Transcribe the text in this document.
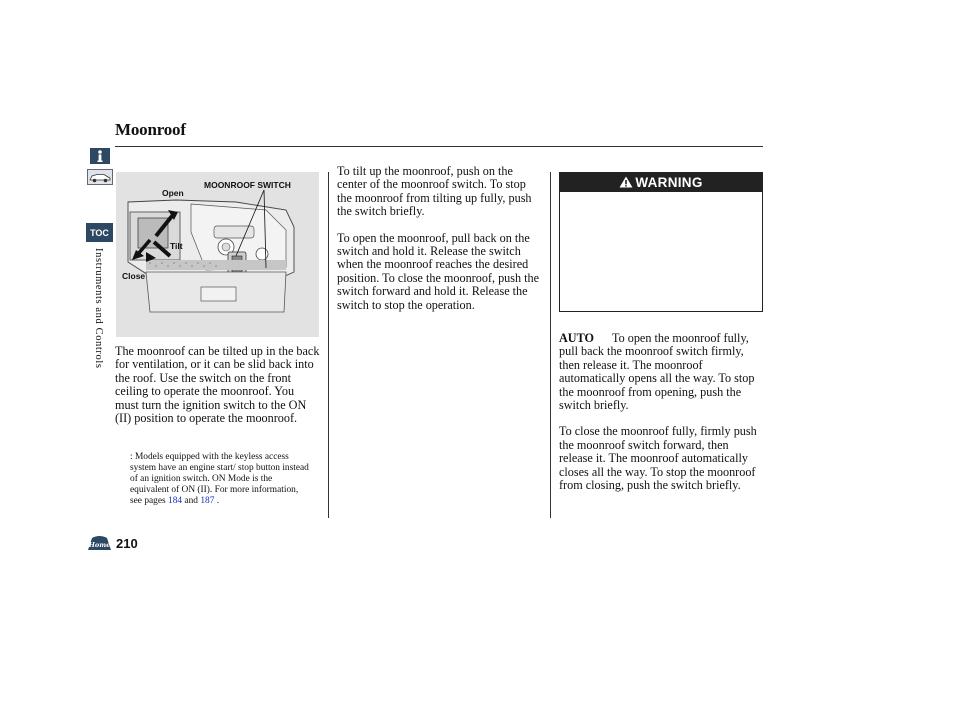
Moonroof
TOC
Instruments and Controls
MOONROOF SWITCH
Open
Tilt
Close

The moonroof can be tilted up in the back for ventilation, or it can be slid back into the roof. Use the switch on the front ceiling to operate the moonroof. You must turn the ignition switch to the ON (II) position to operate the moonroof.

: Models equipped with the keyless access system have an engine start/ stop button instead of an ignition switch. ON Mode is the equivalent of ON (II). For more information, see pages 184 and 187 .

To tilt up the moonroof, push on the center of the moonroof switch. To stop the moonroof from tilting up fully, push the switch briefly.

To open the moonroof, pull back on the switch and hold it. Release the switch when the moonroof reaches the desired position. To close the moonroof, push the switch forward and hold it. Release the switch to stop the operation.

WARNING

AUTO To open the moonroof fully, pull back the moonroof switch firmly, then release it. The moonroof automatically opens all the way. To stop the moonroof from opening, push the switch briefly.

To close the moonroof fully, firmly push the moonroof switch forward, then release it. The moonroof automatically closes all the way. To stop the moonroof from closing, push the switch briefly.

Home 210
